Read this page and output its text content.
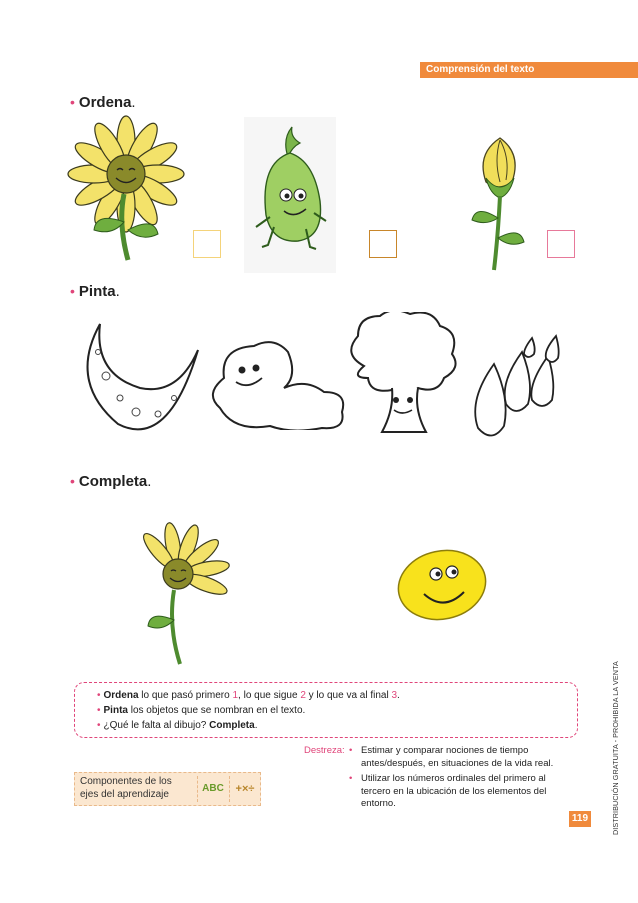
Comprensión del texto
• Ordena.
• Pinta.
• Completa.
• Ordena lo que pasó primero 1, lo que sigue 2 y lo que va al final 3.
• Pinta los objetos que se nombran en el texto.
• ¿Qué le falta al dibujo? Completa.
Destreza: • Estimar y comparar nociones de tiempo antes/después, en situaciones de la vida real.
• Utilizar los números ordinales del primero al tercero en la ubicación de los elementos del entorno.
Componentes de los ejes del aprendizaje
ABC	+×÷
119	DISTRIBUCIÓN GRATUITA - PROHIBIDA LA VENTA
